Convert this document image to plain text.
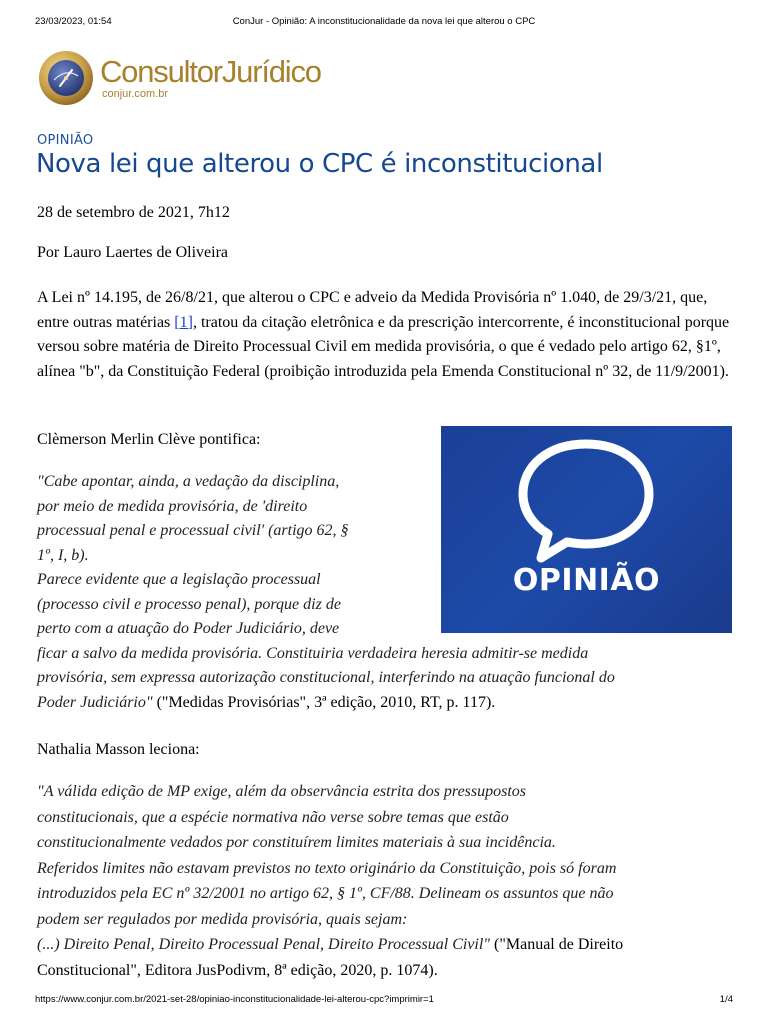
23/03/2023, 01:54	ConJur - Opinião: A inconstitucionalidade da nova lei que alterou o CPC
ConsultorJurídico
conjur.com.br
OPINIÃO
Nova lei que alterou o CPC é inconstitucional
28 de setembro de 2021, 7h12
Por Lauro Laertes de Oliveira

A Lei nº 14.195, de 26/8/21, que alterou o CPC e adveio da Medida Provisória nº 1.040, de 29/3/21, que, entre outras matérias [1], tratou da citação eletrônica e da prescrição intercorrente, é inconstitucional porque versou sobre matéria de Direito Processual Civil em medida provisória, o que é vedado pelo artigo 62, §1º, alínea "b", da Constituição Federal (proibição introduzida pela Emenda Constitucional nº 32, de 11/9/2001).

Clèmerson Merlin Clève pontifica:
OPINIÃO
"Cabe apontar, ainda, a vedação da disciplina,
por meio de medida provisória, de 'direito
processual penal e processual civil' (artigo 62, §
1º, I, b).
Parece evidente que a legislação processual
(processo civil e processo penal), porque diz de
perto com a atuação do Poder Judiciário, deve
ficar a salvo da medida provisória. Constituiria verdadeira heresia admitir-se medida
provisória, sem expressa autorização constitucional, interferindo na atuação funcional do
Poder Judiciário" ("Medidas Provisórias", 3ª edição, 2010, RT, p. 117).
Nathalia Masson leciona:
"A válida edição de MP exige, além da observância estrita dos pressupostos
constitucionais, que a espécie normativa não verse sobre temas que estão
constitucionalmente vedados por constituírem limites materiais à sua incidência.
Referidos limites não estavam previstos no texto originário da Constituição, pois só foram
introduzidos pela EC nº 32/2001 no artigo 62, § 1º, CF/88. Delineam os assuntos que não
podem ser regulados por medida provisória, quais sejam:
(...) Direito Penal, Direito Processual Penal, Direito Processual Civil" ("Manual de Direito
Constitucional", Editora JusPodivm, 8ª edição, 2020, p. 1074).
https://www.conjur.com.br/2021-set-28/opiniao-inconstitucionalidade-lei-alterou-cpc?imprimir=1	1/4
